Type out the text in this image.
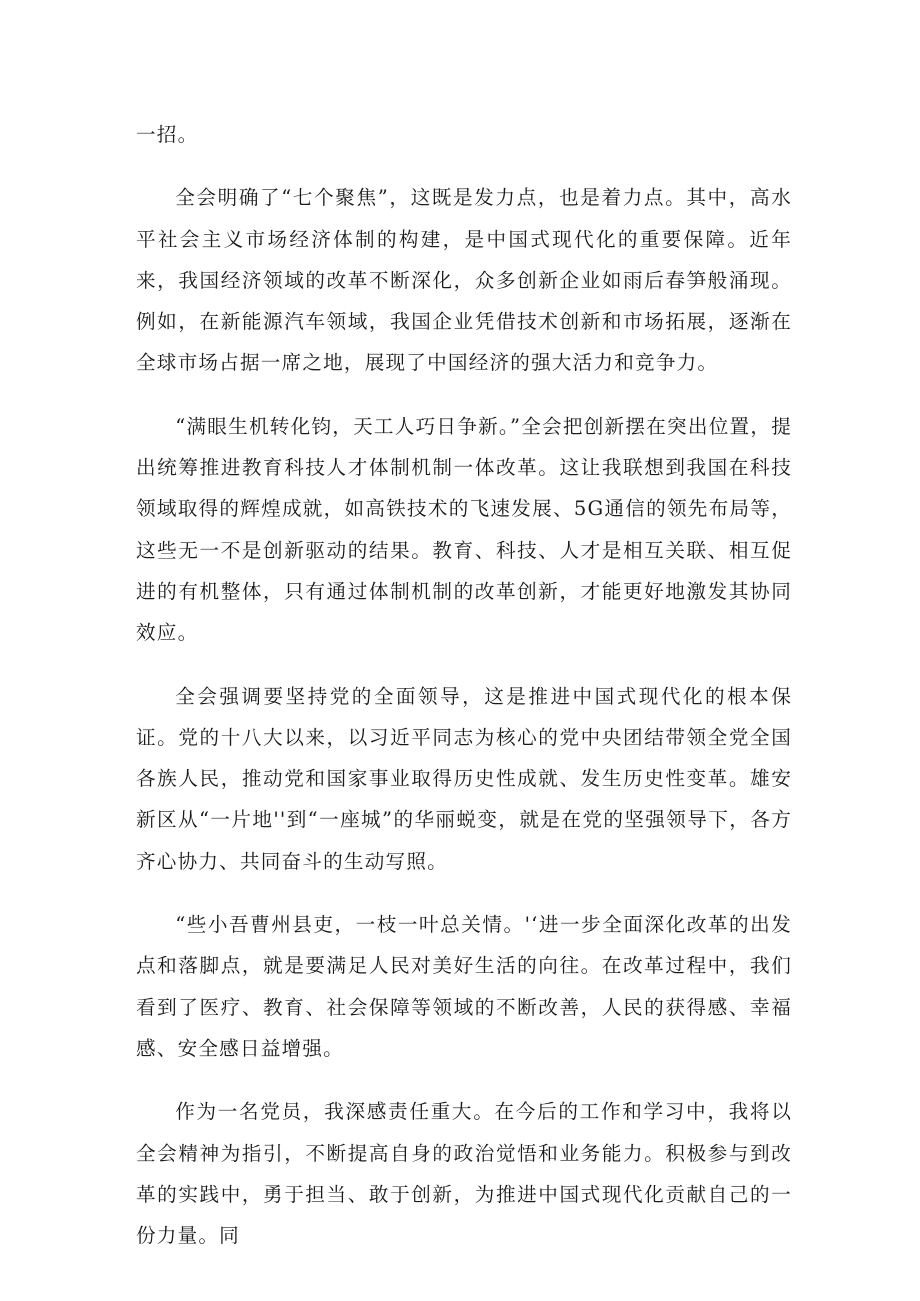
一招。

全会明确了“七个聚焦”，这既是发力点，也是着力点。其中，高水平社会主义市场经济体制的构建，是中国式现代化的重要保障。近年来，我国经济领域的改革不断深化，众多创新企业如雨后春笋般涌现。例如，在新能源汽车领域，我国企业凭借技术创新和市场拓展，逐渐在全球市场占据一席之地，展现了中国经济的强大活力和竞争力。

“满眼生机转化钧，天工人巧日争新。”全会把创新摆在突出位置，提出统筹推进教育科技人才体制机制一体改革。这让我联想到我国在科技领域取得的辉煌成就，如高铁技术的飞速发展、5G通信的领先布局等，这些无一不是创新驱动的结果。教育、科技、人才是相互关联、相互促进的有机整体，只有通过体制机制的改革创新，才能更好地激发其协同效应。

全会强调要坚持党的全面领导，这是推进中国式现代化的根本保证。党的十八大以来，以习近平同志为核心的党中央团结带领全党全国各族人民，推动党和国家事业取得历史性成就、发生历史性变革。雄安新区从“一片地''到“一座城”的华丽蜕变，就是在党的坚强领导下，各方齐心协力、共同奋斗的生动写照。

“些小吾曹州县吏，一枝一叶总关情。'‘进一步全面深化改革的出发点和落脚点，就是要满足人民对美好生活的向往。在改革过程中，我们看到了医疗、教育、社会保障等领域的不断改善，人民的获得感、幸福感、安全感日益增强。

作为一名党员，我深感责任重大。在今后的工作和学习中，我将以全会精神为指引，不断提高自身的政治觉悟和业务能力。积极参与到改革的实践中，勇于担当、敢于创新，为推进中国式现代化贡献自己的一份力量。同
